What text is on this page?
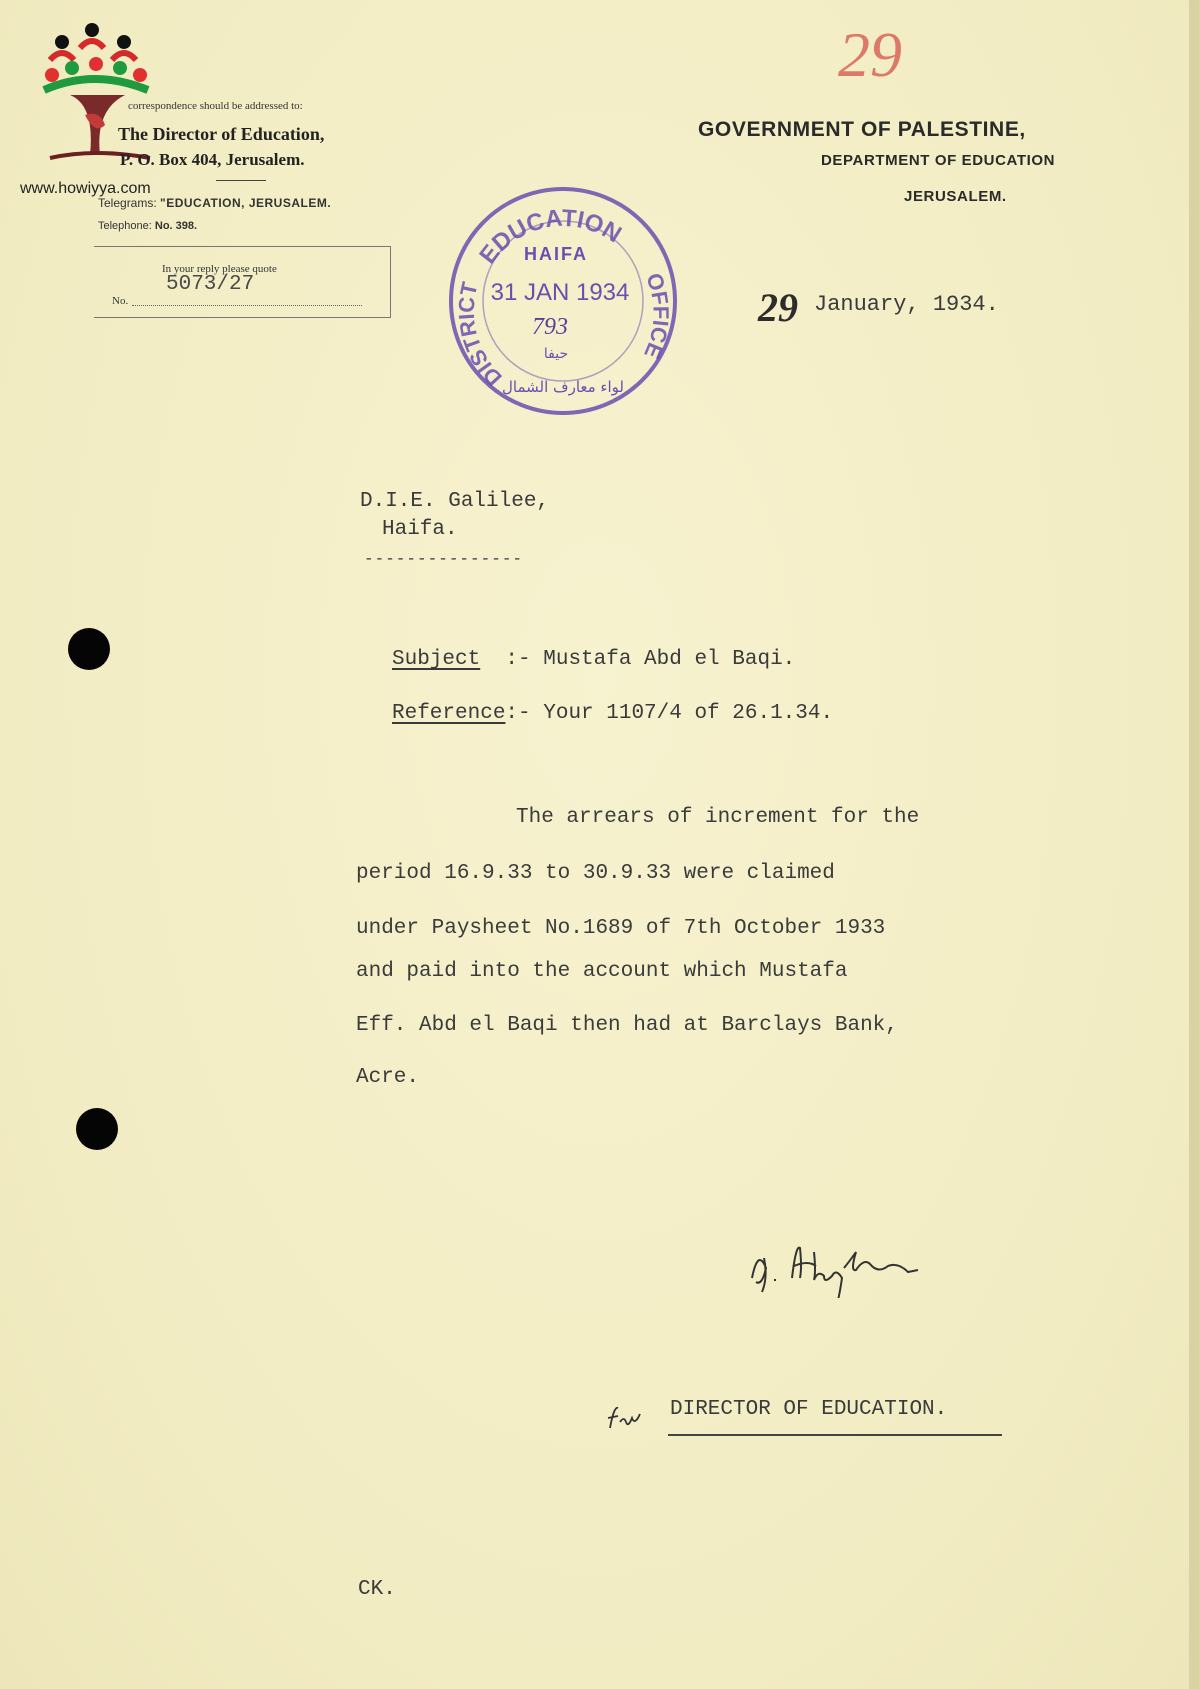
www.howiyya.com
correspondence should be addressed to:
The Director of Education,
P. O. Box 404, Jerusalem.
Telegrams: "EDUCATION, JERUSALEM.
Telephone: No. 398.
In your reply please quote
No.
5073/27
29
GOVERNMENT OF PALESTINE,
DEPARTMENT OF EDUCATION
JERUSALEM.
EDUCATION
DISTRICT	OFFICE
HAIFA
31 JAN 1934
793
حيفا
لواء معارف الشمال
29 January, 1934.
D.I.E. Galilee,
Haifa.
---------------
Subject  :- Mustafa Abd el Baqi.
Reference:- Your 1107/4 of 26.1.34.
The arrears of increment for the
period 16.9.33 to 30.9.33 were claimed
under Paysheet No.1689 of 7th October 1933
and paid into the account which Mustafa
Eff. Abd el Baqi then had at Barclays Bank,
Acre.
DIRECTOR OF EDUCATION.
CK.
